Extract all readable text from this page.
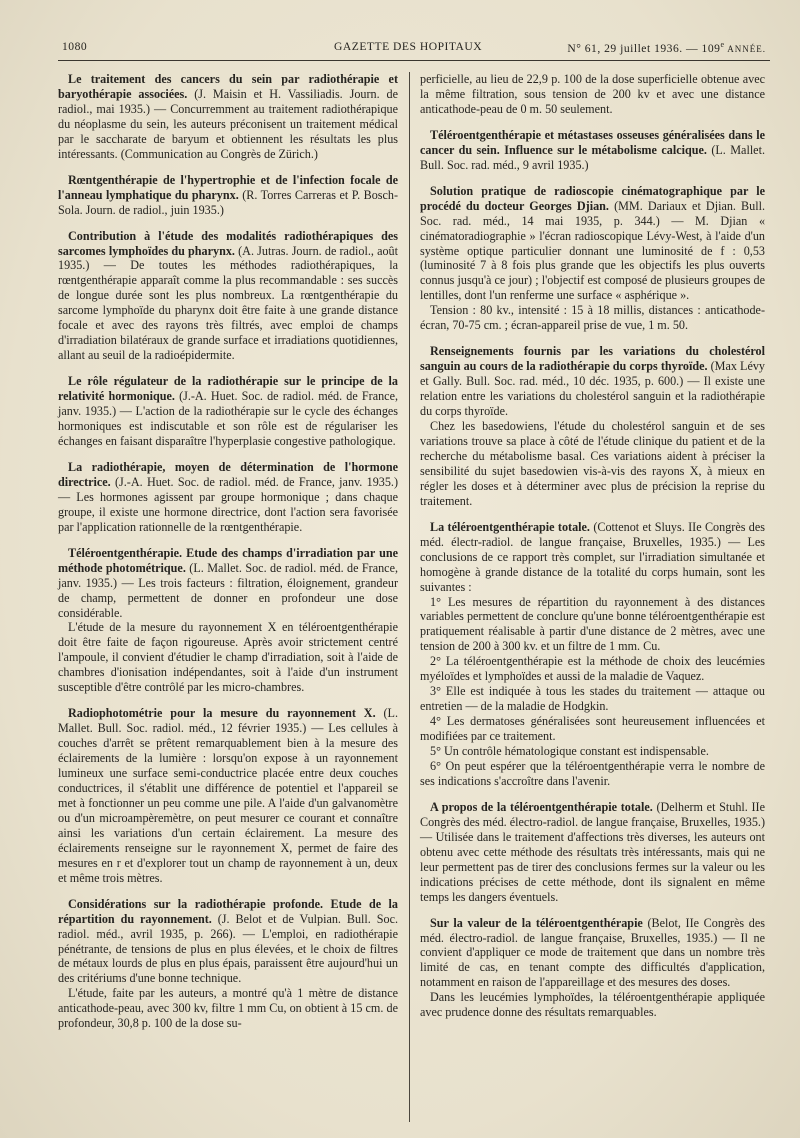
1080	GAZETTE DES HOPITAUX	N° 61, 29 juillet 1936. — 109e ANNÉE.

Le traitement des cancers du sein par radiothérapie et baryothérapie associées. (J. Maisin et H. Vassiliadis. Journ. de radiol., mai 1935.) — Concurremment au traitement radiothérapique du néoplasme du sein, les auteurs préconisent un traitement médical par le saccharate de baryum et obtiennent les résultats les plus intéressants. (Communication au Congrès de Zürich.)

Rœntgenthérapie de l'hypertrophie et de l'infection focale de l'anneau lymphatique du pharynx. (R. Torres Carreras et P. Bosch-Sola. Journ. de radiol., juin 1935.)

Contribution à l'étude des modalités radiothérapiques des sarcomes lymphoïdes du pharynx. (A. Jutras. Journ. de radiol., août 1935.) — De toutes les méthodes radiothérapiques, la rœntgenthérapie apparaît comme la plus recommandable : ses succès de longue durée sont les plus nombreux. La rœntgenthérapie du sarcome lymphoïde du pharynx doit être faite à une grande distance focale et avec des rayons très filtrés, avec emploi de champs d'irradiation bilatéraux de grande surface et irradiations quotidiennes, allant au seuil de la radioépidermite.

Le rôle régulateur de la radiothérapie sur le principe de la relativité hormonique. (J.-A. Huet. Soc. de radiol. méd. de France, janv. 1935.) — L'action de la radiothérapie sur le cycle des échanges hormoniques est indiscutable et son rôle est de régulariser les échanges en faisant disparaître l'hyperplasie congestive pathologique.

La radiothérapie, moyen de détermination de l'hormone directrice. (J.-A. Huet. Soc. de radiol. méd. de France, janv. 1935.) — Les hormones agissent par groupe hormonique ; dans chaque groupe, il existe une hormone directrice, dont l'action sera favorisée par l'application rationnelle de la rœntgenthérapie.

Téléroentgenthérapie. Etude des champs d'irradiation par une méthode photométrique. (L. Mallet. Soc. de radiol. méd. de France, janv. 1935.) — Les trois facteurs : filtration, éloignement, grandeur de champ, permettent de donner en profondeur une dose considérable.

L'étude de la mesure du rayonnement X en téléroentgenthérapie doit être faite de façon rigoureuse. Après avoir strictement centré l'ampoule, il convient d'étudier le champ d'irradiation, soit à l'aide de chambres d'ionisation indépendantes, soit à l'aide d'un instrument susceptible d'être contrôlé par les micro-chambres.

Radiophotométrie pour la mesure du rayonnement X. (L. Mallet. Bull. Soc. radiol. méd., 12 février 1935.) — Les cellules à couches d'arrêt se prêtent remarquablement bien à la mesure des éclairements de la lumière : lorsqu'on expose à un rayonnement lumineux une surface semi-conductrice placée entre deux couches conductrices, il s'établit une différence de potentiel et l'appareil se met à fonctionner un peu comme une pile. A l'aide d'un galvanomètre ou d'un microampèremètre, on peut mesurer ce courant et connaître ainsi les variations d'un certain éclairement. La mesure des éclairements renseigne sur le rayonnement X, permet de faire des mesures en r et d'explorer tout un champ de rayonnement à un, deux et même trois mètres.

Considérations sur la radiothérapie profonde. Etude de la répartition du rayonnement. (J. Belot et de Vulpian. Bull. Soc. radiol. méd., avril 1935, p. 266). — L'emploi, en radiothérapie pénétrante, de tensions de plus en plus élevées, et le choix de filtres de métaux lourds de plus en plus épais, paraissent être aujourd'hui un des critériums d'une bonne technique.

L'étude, faite par les auteurs, a montré qu'à 1 mètre de distance anticathode-peau, avec 300 kv, filtre 1 mm Cu, on obtient à 15 cm. de profondeur, 30,8 p. 100 de la dose su-

perficielle, au lieu de 22,9 p. 100 de la dose superficielle obtenue avec la même filtration, sous tension de 200 kv et avec une distance anticathode-peau de 0 m. 50 seulement.

Téléroentgenthérapie et métastases osseuses généralisées dans le cancer du sein. Influence sur le métabolisme calcique. (L. Mallet. Bull. Soc. rad. méd., 9 avril 1935.)

Solution pratique de radioscopie cinématographique par le procédé du docteur Georges Djian. (MM. Dariaux et Djian. Bull. Soc. rad. méd., 14 mai 1935, p. 344.) — M. Djian « cinématoradiographie » l'écran radioscopique Lévy-West, à l'aide d'un système optique particulier donnant une luminosité de f : 0,53 (luminosité 7 à 8 fois plus grande que les objectifs les plus ouverts connus jusqu'à ce jour) ; l'objectif est composé de plusieurs groupes de lentilles, dont l'un renferme une surface « asphérique ».

Tension : 80 kv., intensité : 15 à 18 millis, distances : anticathode-écran, 70-75 cm. ; écran-appareil prise de vue, 1 m. 50.

Renseignements fournis par les variations du cholestérol sanguin au cours de la radiothérapie du corps thyroïde. (Max Lévy et Gally. Bull. Soc. rad. méd., 10 déc. 1935, p. 600.) — Il existe une relation entre les variations du cholestérol sanguin et la radiothérapie du corps thyroïde.

Chez les basedowiens, l'étude du cholestérol sanguin et de ses variations trouve sa place à côté de l'étude clinique du patient et de la recherche du métabolisme basal. Ces variations aident à préciser la sensibilité du sujet basedowien vis-à-vis des rayons X, à mieux en régler les doses et à déterminer avec plus de précision la reprise du traitement.

La téléroentgenthérapie totale. (Cottenot et Sluys. IIe Congrès des méd. électr-radiol. de langue française, Bruxelles, 1935.) — Les conclusions de ce rapport très complet, sur l'irradiation simultanée et homogène à grande distance de la totalité du corps humain, sont les suivantes :

1° Les mesures de répartition du rayonnement à des distances variables permettent de conclure qu'une bonne téléroentgenthérapie est pratiquement réalisable à partir d'une distance de 2 mètres, avec une tension de 200 à 300 kv. et un filtre de 1 mm. Cu.

2° La téléroentgenthérapie est la méthode de choix des leucémies myéloïdes et lymphoïdes et aussi de la maladie de Vaquez.

3° Elle est indiquée à tous les stades du traitement — attaque ou entretien — de la maladie de Hodgkin.

4° Les dermatoses généralisées sont heureusement influencées et modifiées par ce traitement.

5° Un contrôle hématologique constant est indispensable.

6° On peut espérer que la téléroentgenthérapie verra le nombre de ses indications s'accroître dans l'avenir.

A propos de la téléroentgenthérapie totale. (Delherm et Stuhl. IIe Congrès des méd. électro-radiol. de langue française, Bruxelles, 1935.) — Utilisée dans le traitement d'affections très diverses, les auteurs ont obtenu avec cette méthode des résultats très intéressants, mais qui ne leur permettent pas de tirer des conclusions fermes sur la valeur ou les indications précises de cette méthode, dont ils signalent en même temps les dangers éventuels.

Sur la valeur de la téléroentgenthérapie (Belot, IIe Congrès des méd. électro-radiol. de langue française, Bruxelles, 1935.) — Il ne convient d'appliquer ce mode de traitement que dans un nombre très limité de cas, en tenant compte des difficultés d'application, notamment en raison de l'appareillage et des mesures des doses.

Dans les leucémies lymphoïdes, la téléroentgenthérapie appliquée avec prudence donne des résultats remarquables.
